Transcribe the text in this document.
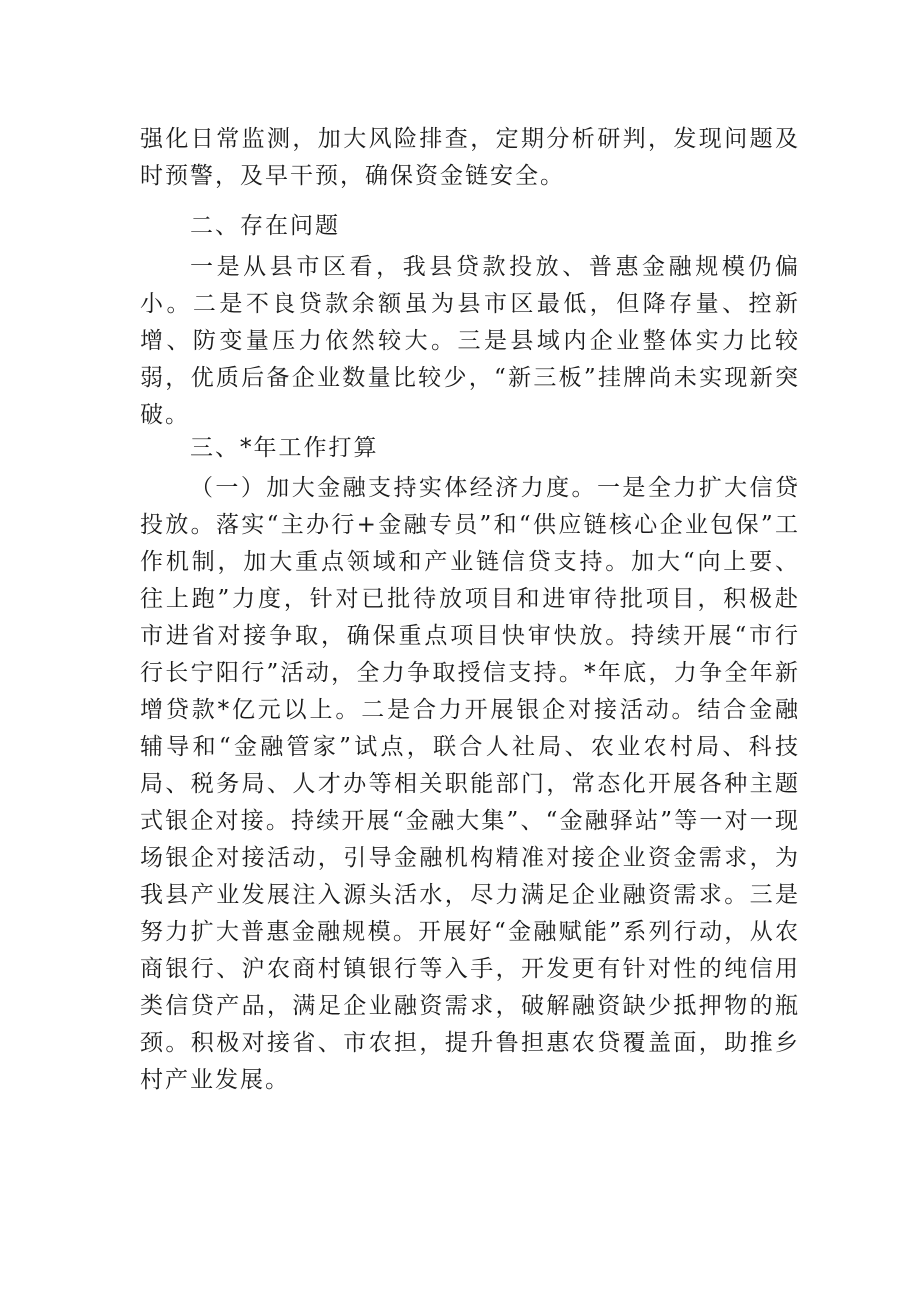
强化日常监测，加大风险排查，定期分析研判，发现问题及时预警，及早干预，确保资金链安全。

二、存在问题

一是从县市区看，我县贷款投放、普惠金融规模仍偏小。二是不良贷款余额虽为县市区最低，但降存量、控新增、防变量压力依然较大。三是县域内企业整体实力比较弱，优质后备企业数量比较少，“新三板”挂牌尚未实现新突破。

三、*年工作打算

（一）加大金融支持实体经济力度。一是全力扩大信贷投放。落实“主办行+金融专员”和“供应链核心企业包保”工作机制，加大重点领域和产业链信贷支持。加大“向上要、往上跑”力度，针对已批待放项目和进审待批项目，积极赴市进省对接争取，确保重点项目快审快放。持续开展“市行行长宁阳行”活动，全力争取授信支持。*年底，力争全年新增贷款*亿元以上。二是合力开展银企对接活动。结合金融辅导和“金融管家”试点，联合人社局、农业农村局、科技局、税务局、人才办等相关职能部门，常态化开展各种主题式银企对接。持续开展“金融大集”、“金融驿站”等一对一现场银企对接活动，引导金融机构精准对接企业资金需求，为我县产业发展注入源头活水，尽力满足企业融资需求。三是努力扩大普惠金融规模。开展好“金融赋能”系列行动，从农商银行、沪农商村镇银行等入手，开发更有针对性的纯信用类信贷产品，满足企业融资需求，破解融资缺少抵押物的瓶颈。积极对接省、市农担，提升鲁担惠农贷覆盖面，助推乡村产业发展。
